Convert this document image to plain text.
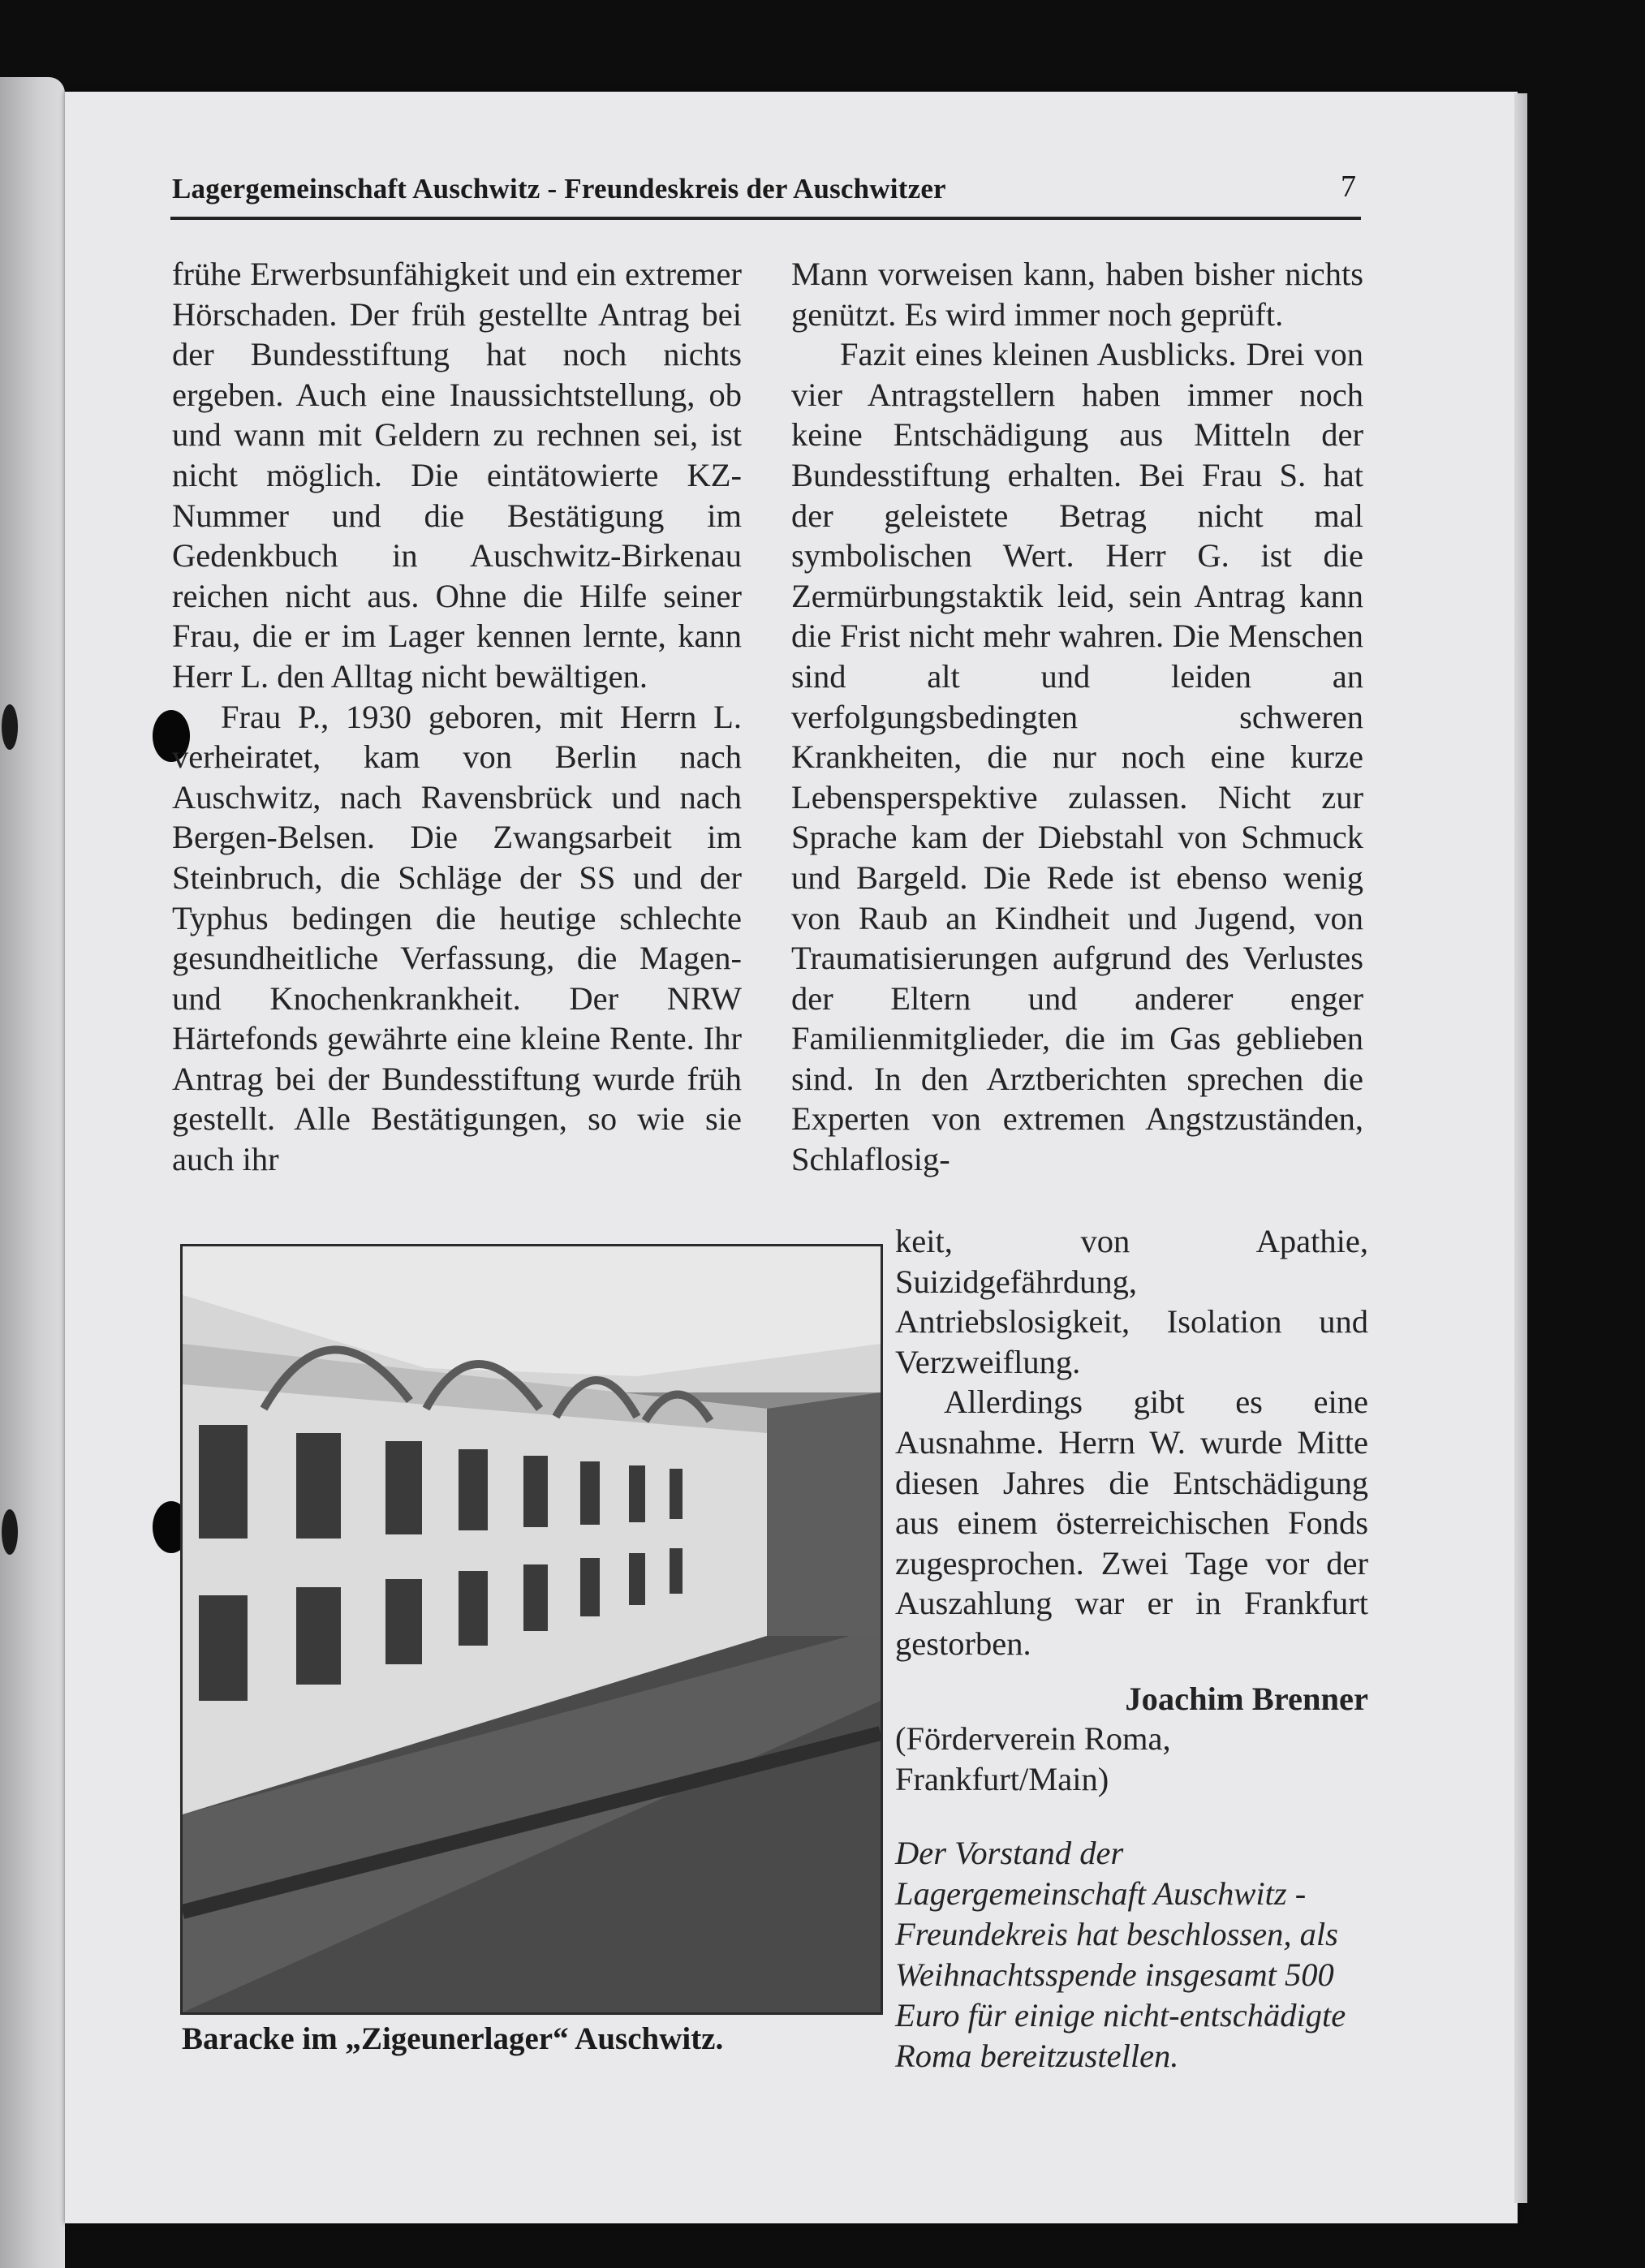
Lagergemeinschaft Auschwitz - Freundeskreis der Auschwitzer	7

frühe Erwerbsunfähigkeit und ein extremer Hörschaden. Der früh gestellte Antrag bei der Bundesstiftung hat noch nichts ergeben. Auch eine Inaussichtstellung, ob und wann mit Geldern zu rechnen sei, ist nicht möglich. Die eintätowierte KZ-Nummer und die Bestätigung im Gedenkbuch in Auschwitz-Birkenau reichen nicht aus. Ohne die Hilfe seiner Frau, die er im Lager kennen lernte, kann Herr L. den Alltag nicht bewältigen.

Frau P., 1930 geboren, mit Herrn L. verheiratet, kam von Berlin nach Auschwitz, nach Ravensbrück und nach Bergen-Belsen. Die Zwangsarbeit im Steinbruch, die Schläge der SS und der Typhus bedingen die heutige schlechte gesundheitliche Verfassung, die Magen- und Knochenkrankheit. Der NRW Härtefonds gewährte eine kleine Rente. Ihr Antrag bei der Bundesstiftung wurde früh gestellt. Alle Bestätigungen, so wie sie auch ihr

Mann vorweisen kann, haben bisher nichts genützt. Es wird immer noch geprüft.

Fazit eines kleinen Ausblicks. Drei von vier Antragstellern haben immer noch keine Entschädigung aus Mitteln der Bundesstiftung erhalten. Bei Frau S. hat der geleistete Betrag nicht mal symbolischen Wert. Herr G. ist die Zermürbungstaktik leid, sein Antrag kann die Frist nicht mehr wahren. Die Menschen sind alt und leiden an verfolgungsbedingten schweren Krankheiten, die nur noch eine kurze Lebensperspektive zulassen. Nicht zur Sprache kam der Diebstahl von Schmuck und Bargeld. Die Rede ist ebenso wenig von Raub an Kindheit und Jugend, von Traumatisierungen aufgrund des Verlustes der Eltern und anderer enger Familienmitglieder, die im Gas geblieben sind. In den Arztberichten sprechen die Experten von extremen Angstzuständen, Schlaflosig-

keit, von Apathie, Suizidgefährdung, Antriebslosigkeit, Isolation und Verzweiflung.

Allerdings gibt es eine Ausnahme. Herrn W. wurde Mitte diesen Jahres die Entschädigung aus einem österreichischen Fonds zugesprochen. Zwei Tage vor der Auszahlung war er in Frankfurt gestorben.

Joachim Brenner

(Förderverein Roma, Frankfurt/Main)

Der Vorstand der Lagergemeinschaft Auschwitz - Freundekreis hat beschlossen, als Weihnachtsspende insgesamt 500 Euro für einige nicht-entschädigte Roma bereitzustellen.

Baracke im „Zigeunerlager“ Auschwitz.
